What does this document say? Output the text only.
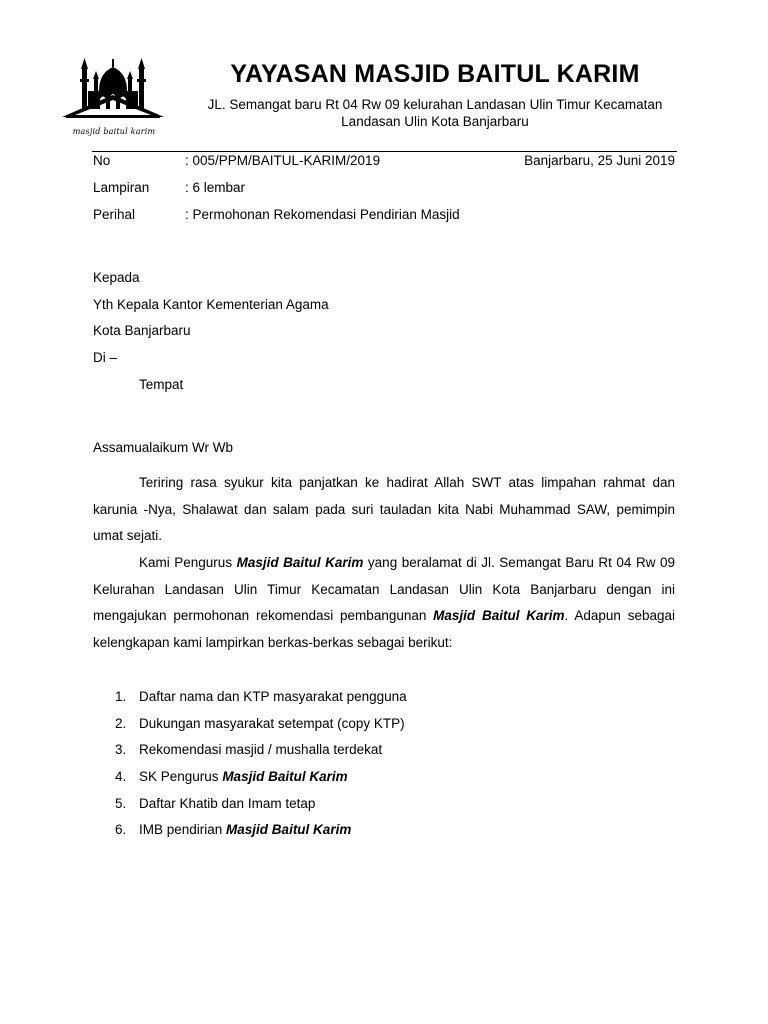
masjid baitul karim
YAYASAN MASJID BAITUL KARIM

JL. Semangat baru Rt 04 Rw 09 kelurahan Landasan Ulin Timur Kecamatan
Landasan Ulin Kota Banjarbaru

No	: 005/PPM/BAITUL-KARIM/2019	Banjarbaru, 25 Juni 2019
Lampiran	: 6 lembar
Perihal	: Permohonan Rekomendasi Pendirian Masjid
Kepada
Yth Kepala Kantor Kementerian Agama
Kota Banjarbaru
Di –
Tempat
Assamualaikum Wr Wb

Teriring rasa syukur kita panjatkan ke hadirat Allah SWT atas limpahan rahmat dan karunia -Nya, Shalawat dan salam pada suri tauladan kita Nabi Muhammad SAW, pemimpin umat sejati.

Kami Pengurus Masjid Baitul Karim yang beralamat di Jl. Semangat Baru Rt 04 Rw 09 Kelurahan Landasan Ulin Timur Kecamatan Landasan Ulin Kota Banjarbaru dengan ini mengajukan permohonan rekomendasi pembangunan Masjid Baitul Karim. Adapun sebagai kelengkapan kami lampirkan berkas-berkas sebagai berikut:

1. Daftar nama dan KTP masyarakat pengguna
2. Dukungan masyarakat setempat (copy KTP)
3. Rekomendasi masjid / mushalla terdekat
4. SK Pengurus Masjid Baitul Karim
5. Daftar Khatib dan Imam tetap
6. IMB pendirian Masjid Baitul Karim
